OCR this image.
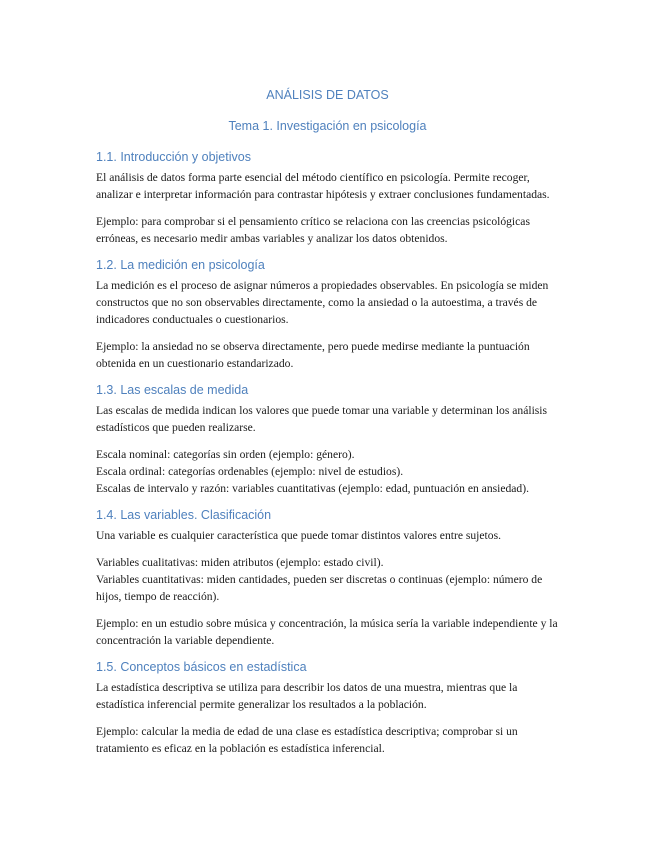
ANÁLISIS DE DATOS
Tema 1. Investigación en psicología
1.1. Introducción y objetivos

El análisis de datos forma parte esencial del método científico en psicología. Permite recoger, analizar e interpretar información para contrastar hipótesis y extraer conclusiones fundamentadas.

Ejemplo: para comprobar si el pensamiento crítico se relaciona con las creencias psicológicas erróneas, es necesario medir ambas variables y analizar los datos obtenidos.

1.2. La medición en psicología

La medición es el proceso de asignar números a propiedades observables. En psicología se miden constructos que no son observables directamente, como la ansiedad o la autoestima, a través de indicadores conductuales o cuestionarios.

Ejemplo: la ansiedad no se observa directamente, pero puede medirse mediante la puntuación obtenida en un cuestionario estandarizado.

1.3. Las escalas de medida

Las escalas de medida indican los valores que puede tomar una variable y determinan los análisis estadísticos que pueden realizarse.

Escala nominal: categorías sin orden (ejemplo: género).

Escala ordinal: categorías ordenables (ejemplo: nivel de estudios).

Escalas de intervalo y razón: variables cuantitativas (ejemplo: edad, puntuación en ansiedad).

1.4. Las variables. Clasificación

Una variable es cualquier característica que puede tomar distintos valores entre sujetos.

Variables cualitativas: miden atributos (ejemplo: estado civil).

Variables cuantitativas: miden cantidades, pueden ser discretas o continuas (ejemplo: número de hijos, tiempo de reacción).

Ejemplo: en un estudio sobre música y concentración, la música sería la variable independiente y la concentración la variable dependiente.

1.5. Conceptos básicos en estadística

La estadística descriptiva se utiliza para describir los datos de una muestra, mientras que la estadística inferencial permite generalizar los resultados a la población.

Ejemplo: calcular la media de edad de una clase es estadística descriptiva; comprobar si un tratamiento es eficaz en la población es estadística inferencial.
